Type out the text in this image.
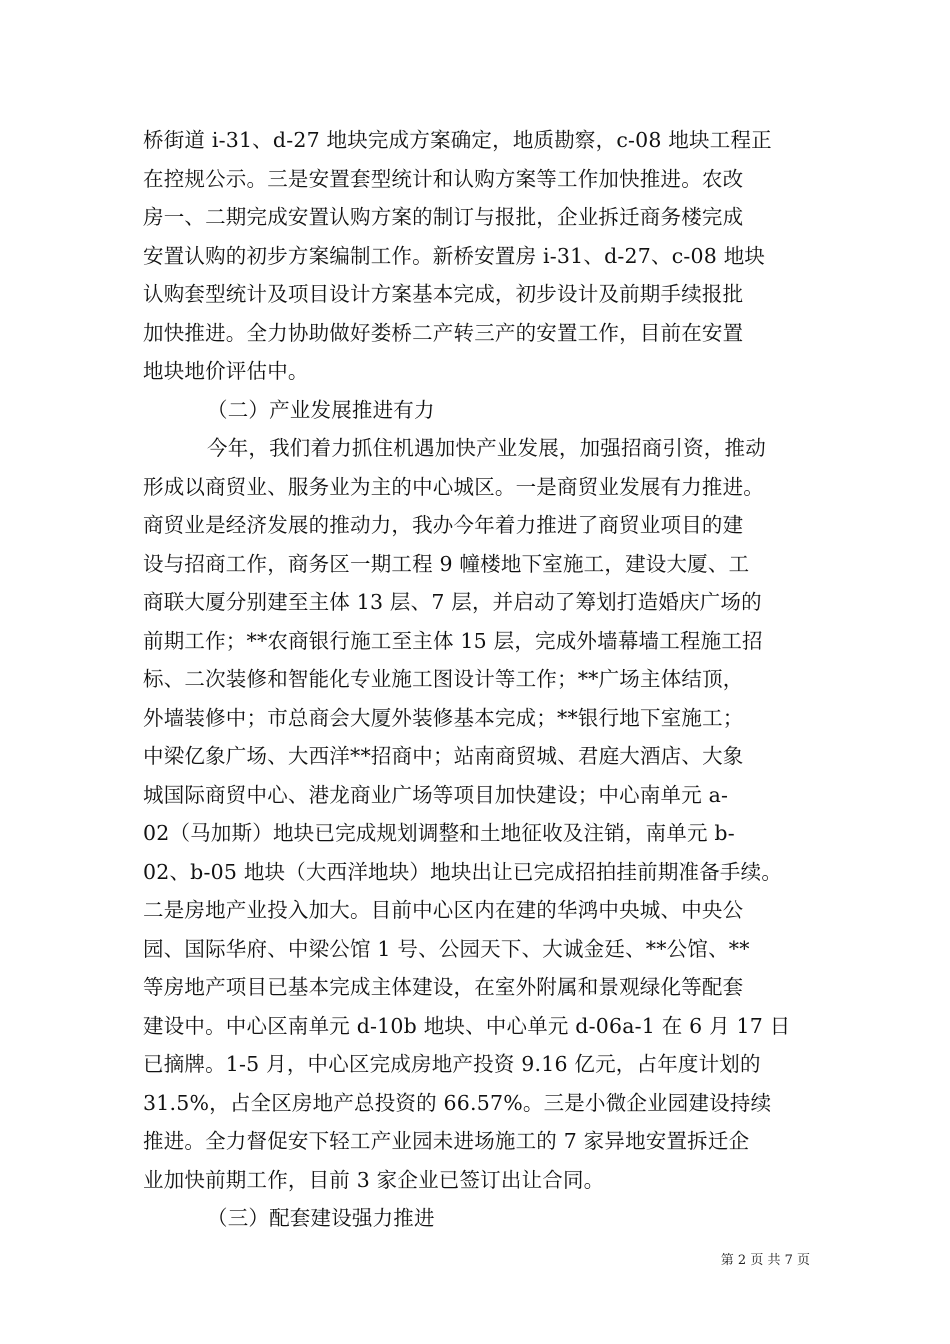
桥街道 i-31、d-27 地块完成方案确定，地质勘察，c-08 地块工程正
在控规公示。三是安置套型统计和认购方案等工作加快推进。农改
房一、二期完成安置认购方案的制订与报批，企业拆迁商务楼完成
安置认购的初步方案编制工作。新桥安置房 i-31、d-27、c-08 地块
认购套型统计及项目设计方案基本完成，初步设计及前期手续报批
加快推进。全力协助做好娄桥二产转三产的安置工作，目前在安置
地块地价评估中。
（二）产业发展推进有力
今年，我们着力抓住机遇加快产业发展，加强招商引资，推动
形成以商贸业、服务业为主的中心城区。一是商贸业发展有力推进。
商贸业是经济发展的推动力，我办今年着力推进了商贸业项目的建
设与招商工作，商务区一期工程 9 幢楼地下室施工，建设大厦、工
商联大厦分别建至主体 13 层、7 层，并启动了筹划打造婚庆广场的
前期工作；**农商银行施工至主体 15 层，完成外墙幕墙工程施工招
标、二次装修和智能化专业施工图设计等工作；**广场主体结顶，
外墙装修中；市总商会大厦外装修基本完成；**银行地下室施工；
中梁亿象广场、大西洋**招商中；站南商贸城、君庭大酒店、大象
城国际商贸中心、港龙商业广场等项目加快建设；中心南单元 a-
02（马加斯）地块已完成规划调整和土地征收及注销，南单元 b-
02、b-05 地块（大西洋地块）地块出让已完成招拍挂前期准备手续。
二是房地产业投入加大。目前中心区内在建的华鸿中央城、中央公
园、国际华府、中梁公馆 1 号、公园天下、大诚金廷、**公馆、**
等房地产项目已基本完成主体建设，在室外附属和景观绿化等配套
建设中。中心区南单元 d-10b 地块、中心单元 d-06a-1 在 6 月 17 日
已摘牌。1-5 月，中心区完成房地产投资 9.16 亿元，占年度计划的
31.5%，占全区房地产总投资的 66.57%。三是小微企业园建设持续
推进。全力督促安下轻工产业园未进场施工的 7 家异地安置拆迁企
业加快前期工作，目前 3 家企业已签订出让合同。
（三）配套建设强力推进
第 2 页 共 7 页
